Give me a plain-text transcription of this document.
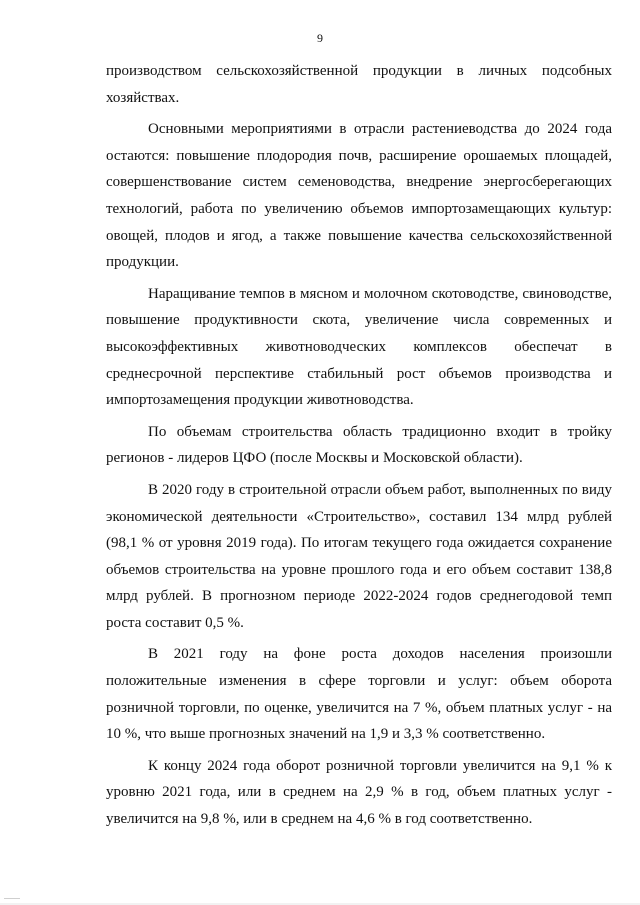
9

производством сельскохозяйственной продукции в личных подсобных хозяйствах.

Основными мероприятиями в отрасли растениеводства до 2024 года остаются: повышение плодородия почв, расширение орошаемых площадей, совершенствование систем семеноводства, внедрение энергосберегающих технологий, работа по увеличению объемов импортозамещающих культур: овощей, плодов и ягод, а также повышение качества сельскохозяйственной продукции.

Наращивание темпов в мясном и молочном скотоводстве, свиноводстве, повышение продуктивности скота, увеличение числа современных и высокоэффективных животноводческих комплексов обеспечат в среднесрочной перспективе стабильный рост объемов производства и импортозамещения продукции животноводства.

По объемам строительства область традиционно входит в тройку регионов - лидеров ЦФО (после Москвы и Московской области).

В 2020 году в строительной отрасли объем работ, выполненных по виду экономической деятельности «Строительство», составил 134 млрд рублей (98,1 % от уровня 2019 года). По итогам текущего года ожидается сохранение объемов строительства на уровне прошлого года и его объем составит 138,8 млрд рублей. В прогнозном периоде 2022-2024 годов среднегодовой темп роста составит 0,5 %.

В 2021 году на фоне роста доходов населения произошли положительные изменения в сфере торговли и услуг: объем оборота розничной торговли, по оценке, увеличится на 7 %, объем платных услуг - на 10 %, что выше прогнозных значений на 1,9 и 3,3 % соответственно.

К концу 2024 года оборот розничной торговли увеличится на 9,1 % к уровню 2021 года, или в среднем на 2,9 % в год, объем платных услуг - увеличится на 9,8 %, или в среднем на 4,6 % в год соответственно.
